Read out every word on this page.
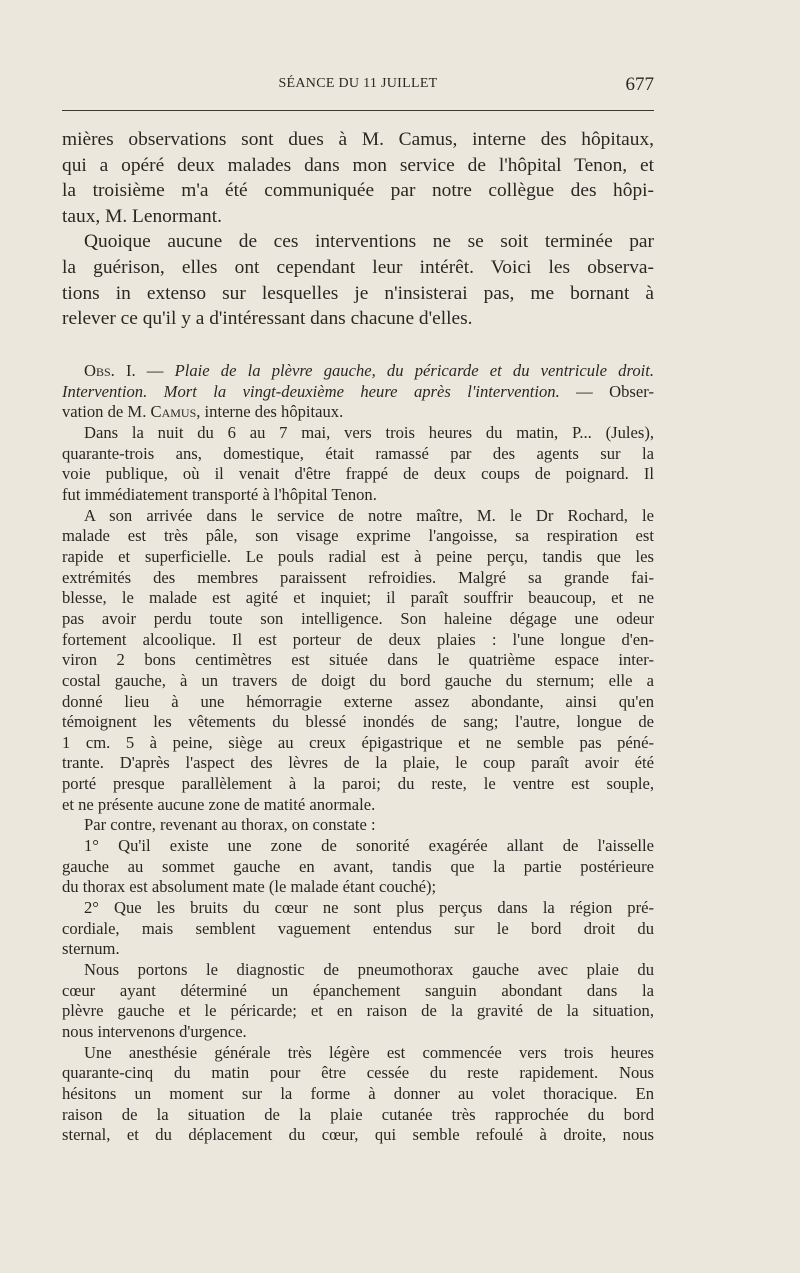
SÉANCE DU 11 JUILLET	677
mières observations sont dues à M. Camus, interne des hôpitaux,
qui a opéré deux malades dans mon service de l'hôpital Tenon, et
la troisième m'a été communiquée par notre collègue des hôpi-
taux, M. Lenormant.
Quoique aucune de ces interventions ne se soit terminée par
la guérison, elles ont cependant leur intérêt. Voici les observa-
tions in extenso sur lesquelles je n'insisterai pas, me bornant à
relever ce qu'il y a d'intéressant dans chacune d'elles.
Obs. I. — Plaie de la plèvre gauche, du péricarde et du ventricule droit.
Intervention. Mort la vingt-deuxième heure après l'intervention. — Obser-
vation de M. Camus, interne des hôpitaux.
Dans la nuit du 6 au 7 mai, vers trois heures du matin, P... (Jules),
quarante-trois ans, domestique, était ramassé par des agents sur la
voie publique, où il venait d'être frappé de deux coups de poignard. Il
fut immédiatement transporté à l'hôpital Tenon.
A son arrivée dans le service de notre maître, M. le Dr Rochard, le
malade est très pâle, son visage exprime l'angoisse, sa respiration est
rapide et superficielle. Le pouls radial est à peine perçu, tandis que les
extrémités des membres paraissent refroidies. Malgré sa grande fai-
blesse, le malade est agité et inquiet; il paraît souffrir beaucoup, et ne
pas avoir perdu toute son intelligence. Son haleine dégage une odeur
fortement alcoolique. Il est porteur de deux plaies : l'une longue d'en-
viron 2 bons centimètres est située dans le quatrième espace inter-
costal gauche, à un travers de doigt du bord gauche du sternum; elle a
donné lieu à une hémorragie externe assez abondante, ainsi qu'en
témoignent les vêtements du blessé inondés de sang; l'autre, longue de
1 cm. 5 à peine, siège au creux épigastrique et ne semble pas péné-
trante. D'après l'aspect des lèvres de la plaie, le coup paraît avoir été
porté presque parallèlement à la paroi; du reste, le ventre est souple,
et ne présente aucune zone de matité anormale.
Par contre, revenant au thorax, on constate :
1° Qu'il existe une zone de sonorité exagérée allant de l'aisselle
gauche au sommet gauche en avant, tandis que la partie postérieure
du thorax est absolument mate (le malade étant couché);
2° Que les bruits du cœur ne sont plus perçus dans la région pré-
cordiale, mais semblent vaguement entendus sur le bord droit du
sternum.
Nous portons le diagnostic de pneumothorax gauche avec plaie du
cœur ayant déterminé un épanchement sanguin abondant dans la
plèvre gauche et le péricarde; et en raison de la gravité de la situation,
nous intervenons d'urgence.
Une anesthésie générale très légère est commencée vers trois heures
quarante-cinq du matin pour être cessée du reste rapidement. Nous
hésitons un moment sur la forme à donner au volet thoracique. En
raison de la situation de la plaie cutanée très rapprochée du bord
sternal, et du déplacement du cœur, qui semble refoulé à droite, nous
